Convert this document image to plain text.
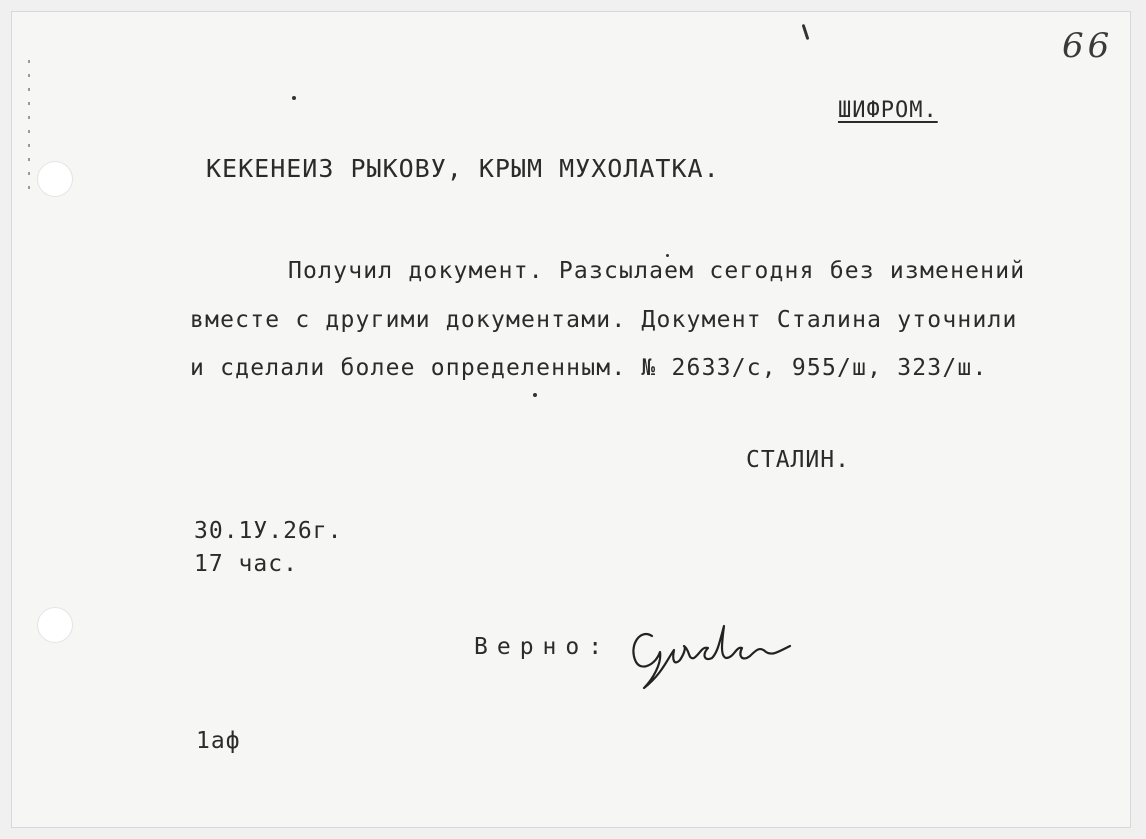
66
ШИФРОМ.
КЕКЕНЕИЗ РЫКОВУ, КРЫМ МУХОЛАТКА.
Получил документ. Разсылаем сегодня без изменений
вместе с другими документами. Документ Сталина уточнили
и сделали более определенным. № 2633/с, 955/ш, 323/ш.
СТАЛИН.
30.1У.26г.
17 час.
Верно:
1аф
